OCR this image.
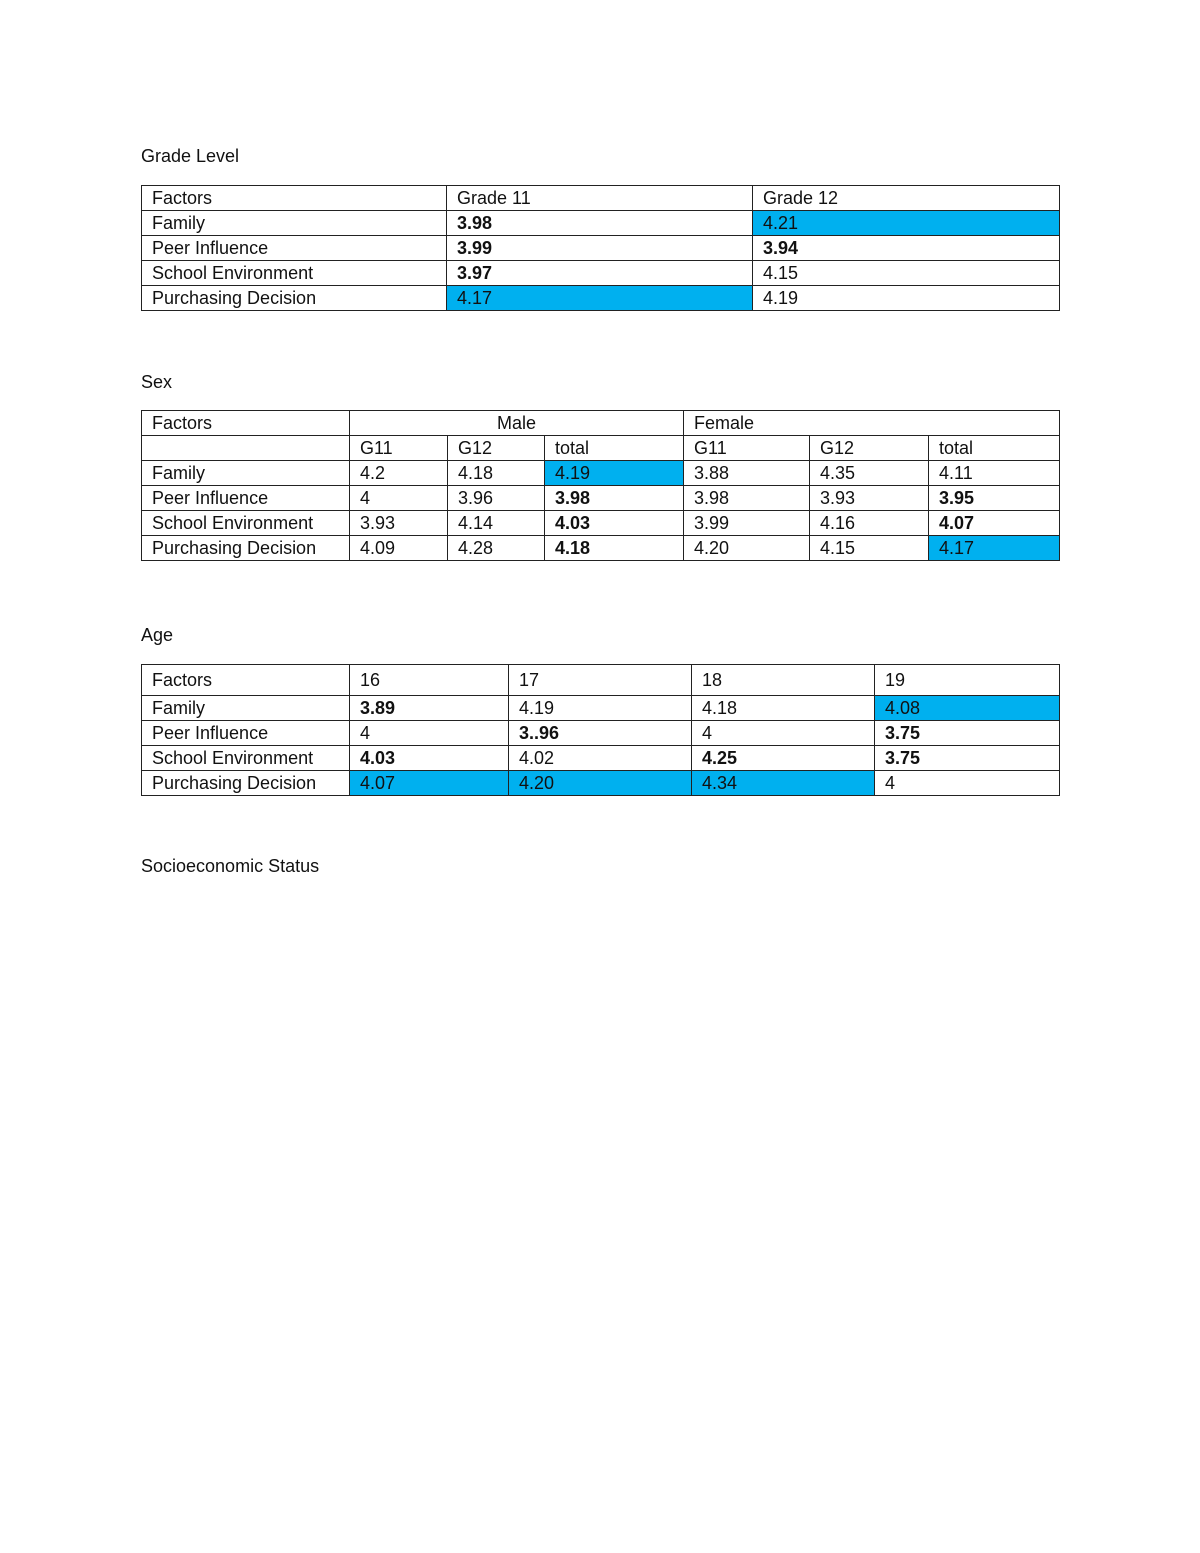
Grade Level
Factors	Grade 11	Grade 12
Family	3.98	4.21
Peer Influence	3.99	3.94
School Environment	3.97	4.15
Purchasing Decision	4.17	4.19
Sex
Factors	Male			Female		
	G11	G12	total	G11	G12	total
Family	4.2	4.18	4.19	3.88	4.35	4.11
Peer Influence	4	3.96	3.98	3.98	3.93	3.95
School Environment	3.93	4.14	4.03	3.99	4.16	4.07
Purchasing Decision	4.09	4.28	4.18	4.20	4.15	4.17
Age
Factors	16	17	18	19
Family	3.89	4.19	4.18	4.08
Peer Influence	4	3..96	4	3.75
School Environment	4.03	4.02	4.25	3.75
Purchasing Decision	4.07	4.20	4.34	4
Socioeconomic Status
